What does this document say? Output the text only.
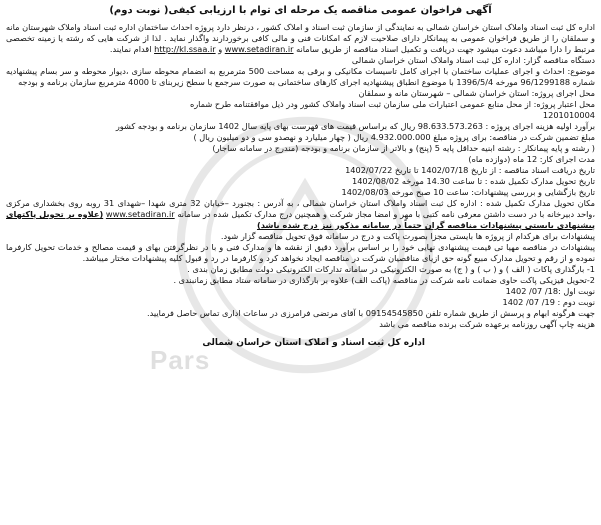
آگهی فراخوان عمومی مناقصه یک مرحله ای توام با ارزیابی کیفی( نوبت دوم)

اداره کل ثبت اسناد واملاک استان خراسان شمالی به نمایندگی از سازمان ثبت اسناد و املاک کشور ، درنظر دارد پروژه احداث ساختمان اداره ثبت اسناد واملاک شهرستان مانه و سملقان را از طریق فراخوان عمومی به پیمانکار دارای صلاحیت لازم که امکانات فنی و مالی کافی برخوردارند واگذار نماید . لذا از شرکت هایی که رشته یا زمینه تخصصی مرتبط را دارا میباشد دعوت میشود جهت دریافت و تکمیل اسناد مناقصه از طریق سامانه www.setadiran.ir و http://kl.ssaa.ir اقدام نمایند.

دستگاه مناقصه گزار: اداره کل ثبت اسناد واملاک استان خراسان شمالی

موضوع: احداث و اجرای عملیات ساختمان با اجرای کامل تاسیسات مکانیکی و برقی به مساحت 500 مترمربع به انضمام محوطه سازی ،دیوار محوطه و سر بسام پیشنهادیه شماره 96/1299188 مورخه 1396/5/4 با موضوع انطباق پیشنهادیه اجرای کارهای ساختمانی به صورت سرجمع با سطح زیربنای تا 4000 مترمربع سازمان برنامه و بودجه

محل اجرای پروژه: استان خراسان شمالی – شهرستان مانه و سملقان

محل اعتبار پروژه: از محل منابع عمومی اعتبارات ملی سازمان ثبت اسناد واملاک کشور ودر ذیل موافقتنامه طرح شماره

1201010004

برآورد اولیه هزینه اجرای پروژه : 98.633.573.263 ریال که براساس قیمت های فهرست بهای پایه سال 1402 سازمان برنامه و بودجه کشور

مبلغ تضمین شرکت در مناقصه: برای پروژه مبلغ 4.932.000.000 ریال ( چهار میلیارد و نهصدو سی و دو میلیون ریال )

( رشته و پایه پیمانکار : رشته ابنیه حداقل پایه 5 (پنج) و بالاتر از سازمان برنامه و بودجه (مندرج در سامانه ساجار)

مدت اجرای کار: 12 ماه (دوازده ماه)

تاریخ دریافت اسناد مناقصه : از تاریخ 1402/07/18 تا تاریخ 1402/07/22

تاریخ تحویل مدارک تکمیل شده : تا ساعت 14.30 مورخه 1402/08/02

تاریخ بازگشایی و بررسی پیشنهادات: ساعت 10 صبح مورخه 1402/08/03

مکان تحویل مدارک تکمیل شده : اداره کل ثبت اسناد واملاک استان خراسان شمالی ، به آدرس : بجنورد –خیابان 32 متری شهدا –شهدای 31 روبه روی بخشداری مرکزی ،واحد دبیرخانه با در دست داشتن معرفی نامه کتبی با مهر و امضا مجاز شرکت و همچنین درج مدارک تکمیل شده در سامانه www.setadiran.ir (علاوه بر تحویل پاکتهای پیشنهادی بایستی پیشنهادات مناقصه گران حتماً در سامانه مذکور نیز درج شده باشد)

پیشنهادات برای هرکدام از پروژه ها بایستی مجزا بصورت پاکت و درج در سامانه فوق تحویل مناقصه گزار شود.

پیشنهادات در مناقصه مهیا تی قیمت پیشنهادی نهایی خود را بر اساس برآورد دقیق از نقشه ها و مدارک فنی و با در نظرگرفتن بهای و قیمت مصالح و خدمات تحویل کارفرما نموده و از رقم و تحویل مدارک مبیع گونه حق ازیای مناقصیان شرکت در مناقصه ایجاد نخواهد کرد و کارفرما در رد و قبول کلیه پیشنهادات مختار میباشد.

1- بارگذاری پاکات ( الف ) و ( ب ) و ( ج) به صورت الکترونیکی در سامانه تدارکات الکترونیکی دولت مطابق زمان بندی .

2-تحویل فیزیکی پاکت حاوی ضمانت نامه شرکت در مناقصه (پاکت الف) علاوه بر بارگذاری در سامانه ستاد مطابق زمانبندی .

نوبت اول :18/ 07/ 1402

نوبت دوم : 19/ 07/ 1402

جهت هرگونه ابهام و پرسش از طریق شماره تلفن 09154545850 با آقای مرتضی فرامرزی در ساعات اداری تماس حاصل فرمایید.

هزینه چاپ آگهی روزنامه برعهده شرکت برنده مناقصه می باشد

اداره کل ثبت اسناد و املاک استان خراسان شمالی
Pars
